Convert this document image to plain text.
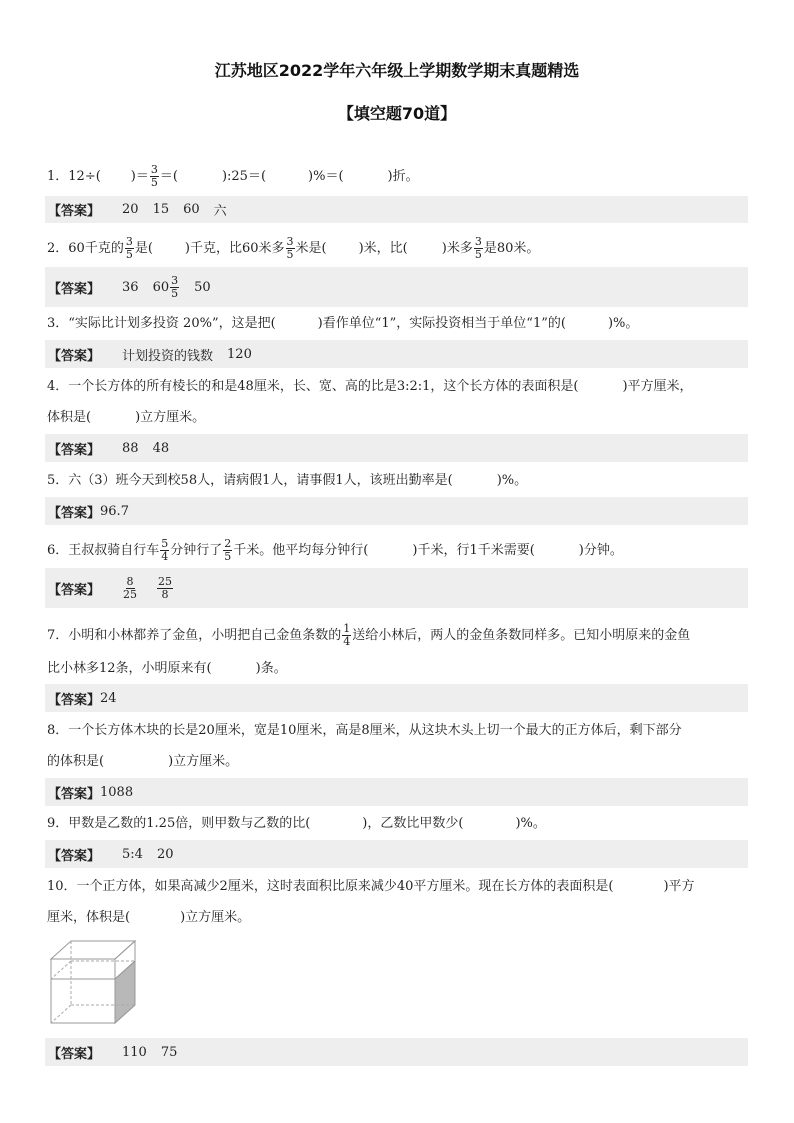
江苏地区2022学年六年级上学期数学期末真题精选
【填空题70道】
1．12÷( )＝ $\frac{3}{5}$ ＝(	):25＝(	)%＝(	)折。
【答案】 20 15 60 六
2．60千克的 $\frac{3}{5}$ 是( )千克，比60米多 $\frac{3}{5}$ 米是( )米，比(	)米多 $\frac{3}{5}$ 是80米。
【答案】 36 60 3
5 50
3．“实际比计划多投资 20%”，这是把(	)看作单位“1”，实际投资相当于单位“1”的(	)%。
【答案】 计划投资的钱数 120
4．一个长方体的所有棱长的和是48厘米，长、宽、高的比是3:2:1，这个长方体的表面积是(	)平方厘米，
体积是(	)立方厘米。
【答案】 88 48
5．六（3）班今天到校58人，请病假1人，请事假1人，该班出勤率是(	)%。
【答案】 96.7
6．王叔叔骑自行车 $\frac{5}{4}$ 分钟行了 $\frac{2}{5}$ 千米。他平均每分钟行(	)千米，行1千米需要(	)分钟。
【答案】
8
25
25
8
7．小明和小林都养了金鱼，小明把自己金鱼条数的 $\frac{1}{4}$ 送给小林后，两人的金鱼条数同样多。已知小明原来的金鱼
比小林多12条，小明原来有(	)条。
【答案】 24
8．一个长方体木块的长是20厘米，宽是10厘米，高是8厘米，从这块木头上切一个最大的正方体后，剩下部分
的体积是(	)立方厘米。
【答案】 1088
9．甲数是乙数的1.25倍，则甲数与乙数的比(	)，乙数比甲数少(	)%。
【答案】 5:4 20
10．一个正方体，如果高减少2厘米，这时表面积比原来减少40平方厘米。现在长方体的表面积是(	)平方
厘米，体积是(	)立方厘米。
【答案】 110 75
